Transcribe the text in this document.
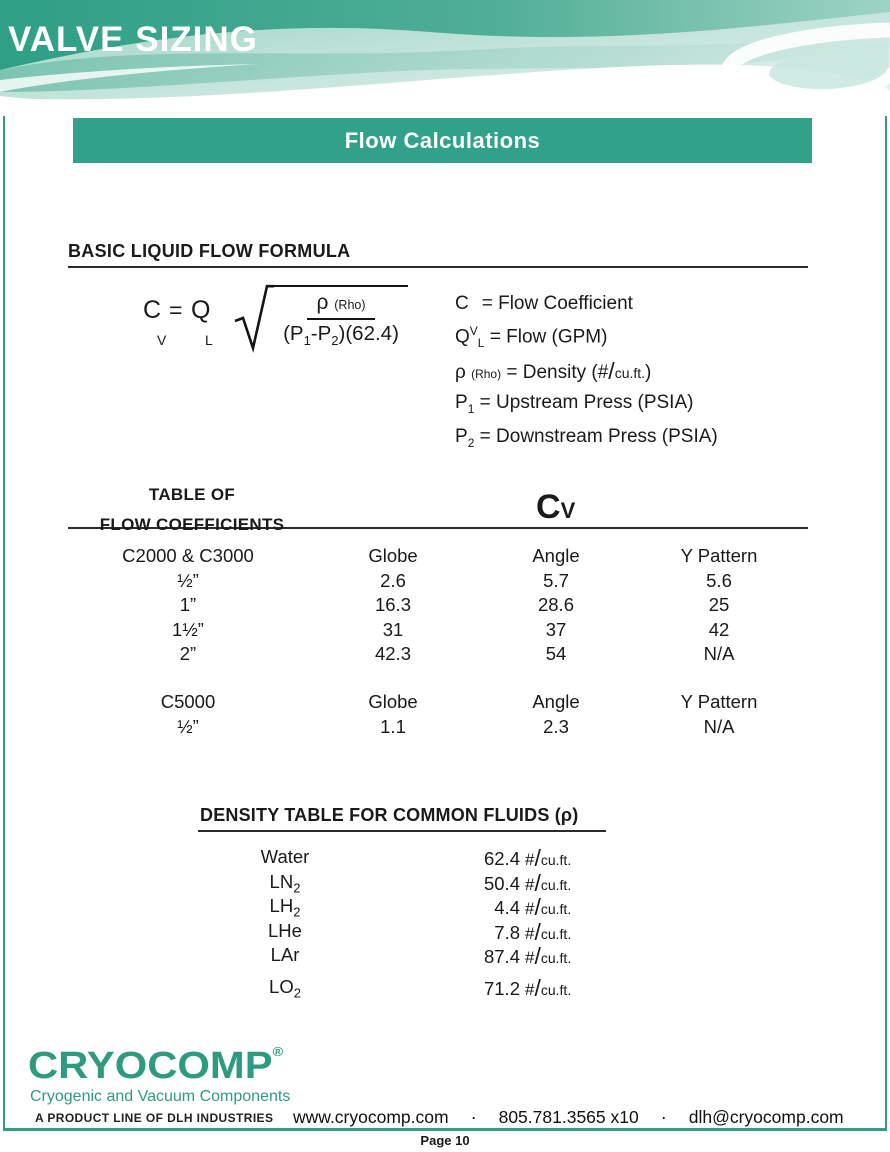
VALVE SIZING
Flow Calculations
BASIC LIQUID FLOW FORMULA
C = Q
V	L
ρ (Rho)
$(P_1-P_2)(62.4)$
C = Flow Coefficient
$Q^V_L$ = Flow (GPM)
ρ (Rho) = Density (#/cu.ft.)
$P_1$ = Upstream Press (PSIA)
$P_2$ = Downstream Press (PSIA)
TABLE OF
FLOW COEFFICIENTS	CV
C2000 & C3000	Globe	Angle	Y Pattern
½”	2.6	5.7	5.6
1”	16.3	28.6	25
1½”	31	37	42
2”	42.3	54	N/A
C5000	Globe	Angle	Y Pattern
½”	1.1	2.3	N/A
DENSITY TABLE FOR COMMON FLUIDS (ρ)
Water	62.4 #/cu.ft.
$LN_2$	50.4 #/cu.ft.
$LH_2$	4.4 #/cu.ft.
LHe	7.8 #/cu.ft.
LAr	87.4 #/cu.ft.
$LO_2$	71.2 #/cu.ft.
CRYOCOMP®
Cryogenic and Vacuum Components
A PRODUCT LINE OF DLH INDUSTRIES www.cryocomp.com · 805.781.3565 x10 · dlh@cryocomp.com
Page 10
